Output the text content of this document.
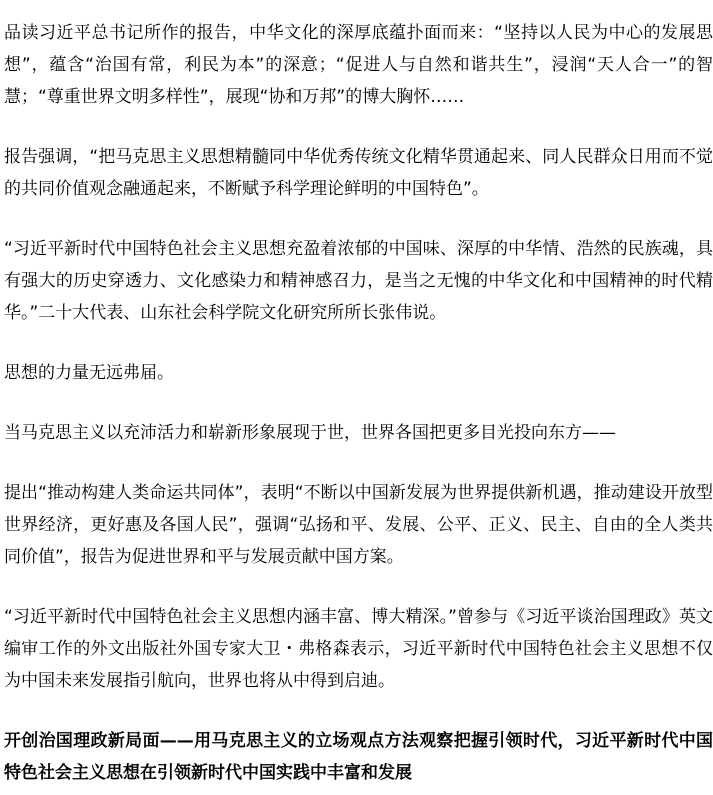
品读习近平总书记所作的报告，中华文化的深厚底蕴扑面而来：“坚持以人民为中心的发展思想”，蕴含“治国有常，利民为本”的深意；“促进人与自然和谐共生”，浸润“天人合一”的智慧；“尊重世界文明多样性”，展现“协和万邦”的博大胸怀……

报告强调，“把马克思主义思想精髓同中华优秀传统文化精华贯通起来、同人民群众日用而不觉的共同价值观念融通起来，不断赋予科学理论鲜明的中国特色”。

“习近平新时代中国特色社会主义思想充盈着浓郁的中国味、深厚的中华情、浩然的民族魂，具有强大的历史穿透力、文化感染力和精神感召力，是当之无愧的中华文化和中国精神的时代精华。”二十大代表、山东社会科学院文化研究所所长张伟说。

思想的力量无远弗届。

当马克思主义以充沛活力和崭新形象展现于世，世界各国把更多目光投向东方——

提出“推动构建人类命运共同体”，表明“不断以中国新发展为世界提供新机遇，推动建设开放型世界经济，更好惠及各国人民”，强调“弘扬和平、发展、公平、正义、民主、自由的全人类共同价值”，报告为促进世界和平与发展贡献中国方案。

“习近平新时代中国特色社会主义思想内涵丰富、博大精深。”曾参与《习近平谈治国理政》英文编审工作的外文出版社外国专家大卫・弗格森表示，习近平新时代中国特色社会主义思想不仅为中国未来发展指引航向，世界也将从中得到启迪。

开创治国理政新局面——用马克思主义的立场观点方法观察把握引领时代，习近平新时代中国特色社会主义思想在引领新时代中国实践中丰富和发展
